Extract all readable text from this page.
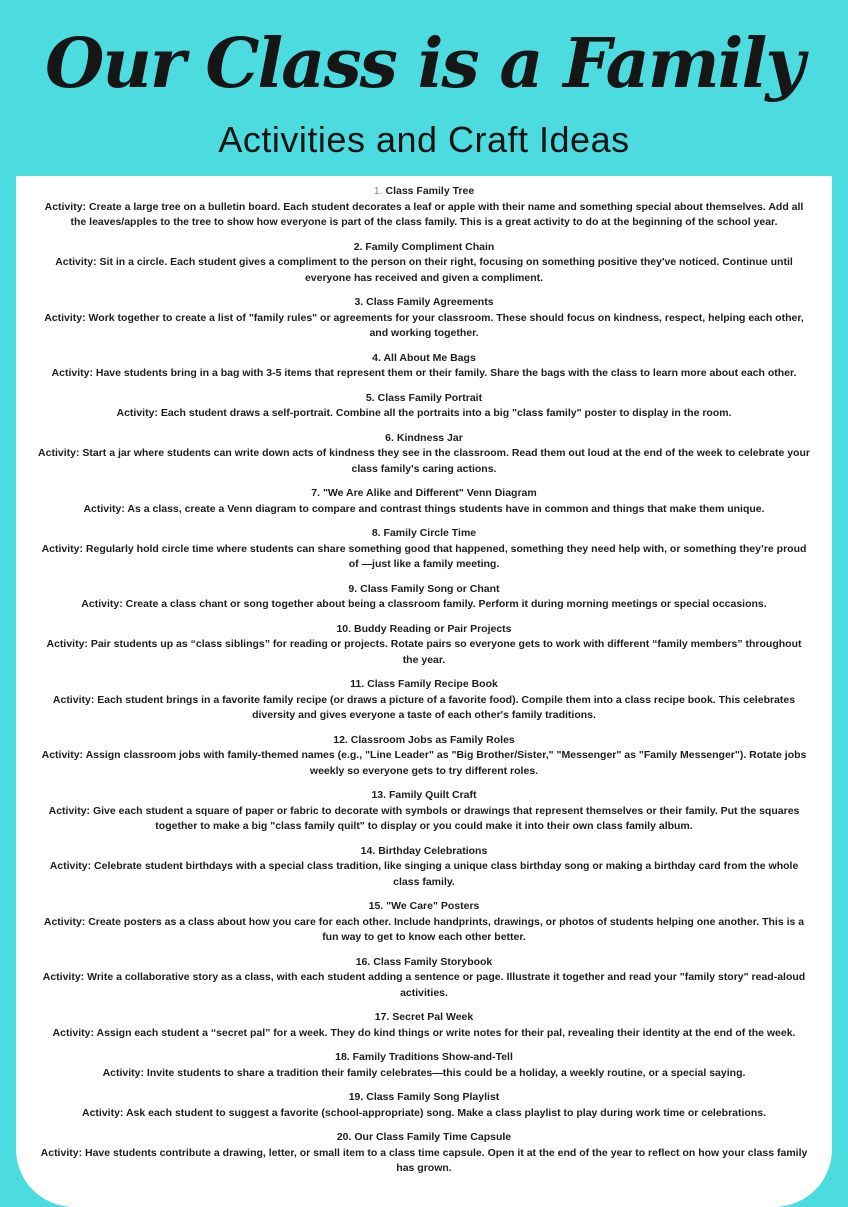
Our Class is a Family
Activities and Craft Ideas
1. Class Family Tree
Activity: Create a large tree on a bulletin board. Each student decorates a leaf or apple with their name and something special about themselves. Add all the leaves/apples to the tree to show how everyone is part of the class family. This is a great activity to do at the beginning of the school year.
2. Family Compliment Chain
Activity: Sit in a circle. Each student gives a compliment to the person on their right, focusing on something positive they've noticed. Continue until everyone has received and given a compliment.
3. Class Family Agreements
Activity: Work together to create a list of "family rules" or agreements for your classroom. These should focus on kindness, respect, helping each other, and working together.
4. All About Me Bags
Activity: Have students bring in a bag with 3-5 items that represent them or their family. Share the bags with the class to learn more about each other.
5. Class Family Portrait
Activity: Each student draws a self-portrait. Combine all the portraits into a big "class family" poster to display in the room.
6. Kindness Jar
Activity: Start a jar where students can write down acts of kindness they see in the classroom. Read them out loud at the end of the week to celebrate your class family's caring actions.
7. "We Are Alike and Different" Venn Diagram
Activity: As a class, create a Venn diagram to compare and contrast things students have in common and things that make them unique.
8. Family Circle Time
Activity: Regularly hold circle time where students can share something good that happened, something they need help with, or something they’re proud of —just like a family meeting.
9. Class Family Song or Chant
Activity: Create a class chant or song together about being a classroom family. Perform it during morning meetings or special occasions.
10. Buddy Reading or Pair Projects
Activity: Pair students up as “class siblings” for reading or projects. Rotate pairs so everyone gets to work with different “family members” throughout the year.
11. Class Family Recipe Book
Activity: Each student brings in a favorite family recipe (or draws a picture of a favorite food). Compile them into a class recipe book. This celebrates diversity and gives everyone a taste of each other's family traditions.
12. Classroom Jobs as Family Roles
Activity: Assign classroom jobs with family-themed names (e.g., "Line Leader" as "Big Brother/Sister," "Messenger" as "Family Messenger"). Rotate jobs weekly so everyone gets to try different roles.
13. Family Quilt Craft
Activity: Give each student a square of paper or fabric to decorate with symbols or drawings that represent themselves or their family. Put the squares together to make a big "class family quilt" to display or you could make it into their own class family album.
14. Birthday Celebrations
Activity: Celebrate student birthdays with a special class tradition, like singing a unique class birthday song or making a birthday card from the whole class family.
15. "We Care" Posters
Activity: Create posters as a class about how you care for each other. Include handprints, drawings, or photos of students helping one another. This is a fun way to get to know each other better.
16. Class Family Storybook
Activity: Write a collaborative story as a class, with each student adding a sentence or page. Illustrate it together and read your "family story" read-aloud activities.
17. Secret Pal Week
Activity: Assign each student a “secret pal” for a week. They do kind things or write notes for their pal, revealing their identity at the end of the week.
18. Family Traditions Show-and-Tell
Activity: Invite students to share a tradition their family celebrates—this could be a holiday, a weekly routine, or a special saying.
19. Class Family Song Playlist
Activity: Ask each student to suggest a favorite (school-appropriate) song. Make a class playlist to play during work time or celebrations.
20. Our Class Family Time Capsule
Activity: Have students contribute a drawing, letter, or small item to a class time capsule. Open it at the end of the year to reflect on how your class family has grown.
